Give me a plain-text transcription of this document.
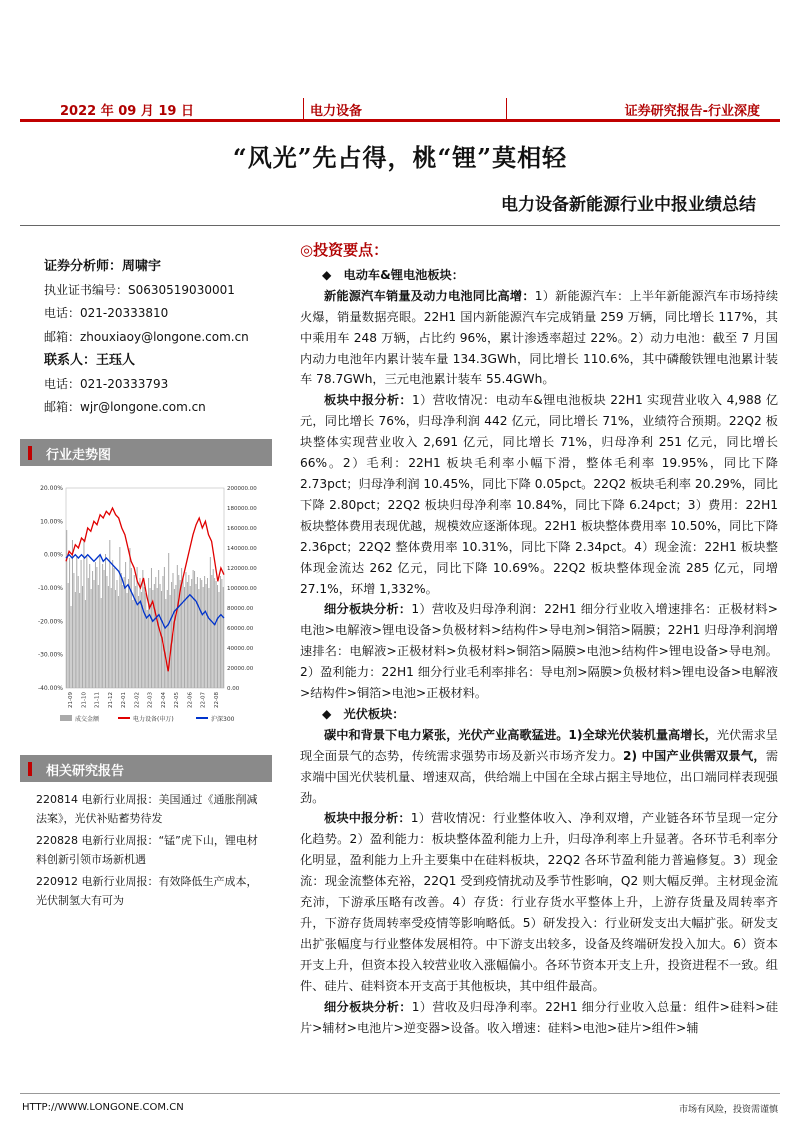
2022 年 09 月 19 日	电力设备	证券研究报告-行业深度
“风光”先占得，桃“锂”莫相轻
电力设备新能源行业中报业绩总结
证券分析师：周啸宇
执业证书编号：S0630519030001
电话：021-20333810
邮箱：zhouxiaoy@longone.com.cn
联系人：王珏人
电话：021-20333793
邮箱：wjr@longone.com.cn
行业走势图
20.00%
10.00%
0.00%
-10.00%
-20.00%
-30.00%
-40.00%
200000.00
180000.00
160000.00
140000.00
120000.00
100000.00
80000.00
60000.00
40000.00
20000.00
0.00
21-09 21-10 21-11 21-12 22-01 22-02 22-03 22-04 22-05 22-06 22-07 22-08
成交金额	电力设备(申万)	沪深300
相关研究报告
220814 电新行业周报：美国通过《通胀削减法案》，光伏补贴蓄势待发
220828 电新行业周报：“锰”虎下山，锂电材料创新引领市场新机遇
220912 电新行业周报：有效降低生产成本，光伏制氢大有可为
◎投资要点：
◆　电动车&锂电池板块：

新能源汽车销量及动力电池同比高增：1）新能源汽车：上半年新能源汽车市场持续火爆，销量数据亮眼。22H1 国内新能源汽车完成销量 259 万辆，同比增长 117%，其中乘用车 248 万辆，占比约 96%，累计渗透率超过 22%。2）动力电池：截至 7 月国内动力电池年内累计装车量 134.3GWh，同比增长 110.6%，其中磷酸铁锂电池累计装车 78.7GWh，三元电池累计装车 55.4GWh。

板块中报分析：1）营收情况：电动车&锂电池板块 22H1 实现营业收入 4,988 亿元，同比增长 76%，归母净利润 442 亿元，同比增长 71%，业绩符合预期。22Q2 板块整体实现营业收入 2,691 亿元，同比增长 71%，归母净利 251 亿元，同比增长 66%。2）毛利：22H1 板块毛利率小幅下滑，整体毛利率 19.95%，同比下降 2.73pct；归母净利润 10.45%，同比下降 0.05pct。22Q2 板块毛利率 20.29%，同比下降 2.80pct；22Q2 板块归母净利率 10.84%，同比下降 6.24pct；3）费用：22H1 板块整体费用表现优越，规模效应逐渐体现。22H1 板块整体费用率 10.50%，同比下降 2.36pct；22Q2 整体费用率 10.31%，同比下降 2.34pct。4）现金流：22H1 板块整体现金流达 262 亿元，同比下降 10.69%。22Q2 板块整体现金流 285 亿元，同增 27.1%，环增 1,332%。

细分板块分析：1）营收及归母净利润：22H1 细分行业收入增速排名：正极材料>电池>电解液>锂电设备>负极材料>结构件>导电剂>铜箔>隔膜；22H1 归母净利润增速排名：电解液>正极材料>负极材料>铜箔>隔膜>电池>结构件>锂电设备>导电剂。2）盈利能力：22H1 细分行业毛利率排名：导电剂>隔膜>负极材料>锂电设备>电解液>结构件>铜箔>电池>正极材料。

◆　光伏板块：

碳中和背景下电力紧张，光伏产业高歌猛进。1)全球光伏装机量高增长，光伏需求呈现全面景气的态势，传统需求强势市场及新兴市场齐发力。2) 中国产业供需双景气，需求端中国光伏装机量、增速双高，供给端上中国在全球占据主导地位，出口端同样表现强劲。

板块中报分析：1）营收情况：行业整体收入、净利双增，产业链各环节呈现一定分化趋势。2）盈利能力：板块整体盈利能力上升，归母净利率上升显著。各环节毛利率分化明显，盈利能力上升主要集中在硅料板块，22Q2 各环节盈利能力普遍修复。3）现金流：现金流整体充裕，22Q1 受到疫情扰动及季节性影响，Q2 则大幅反弹。主材现金流充沛，下游承压略有改善。4）存货：行业存货水平整体上升，上游存货量及周转率齐升，下游存货周转率受疫情等影响略低。5）研发投入：行业研发支出大幅扩张。研发支出扩张幅度与行业整体发展相符。中下游支出较多，设备及终端研发投入加大。6）资本开支上升，但资本投入较营业收入涨幅偏小。各环节资本开支上升，投资进程不一致。组件、硅片、硅料资本开支高于其他板块，其中组件最高。

细分板块分析：1）营收及归母净利率。22H1 细分行业收入总量：组件>硅料>硅片>辅材>电池片>逆变器>设备。收入增速：硅料>电池>硅片>组件>辅

HTTP://WWW.LONGONE.COM.CN	市场有风险，投资需谨慎
